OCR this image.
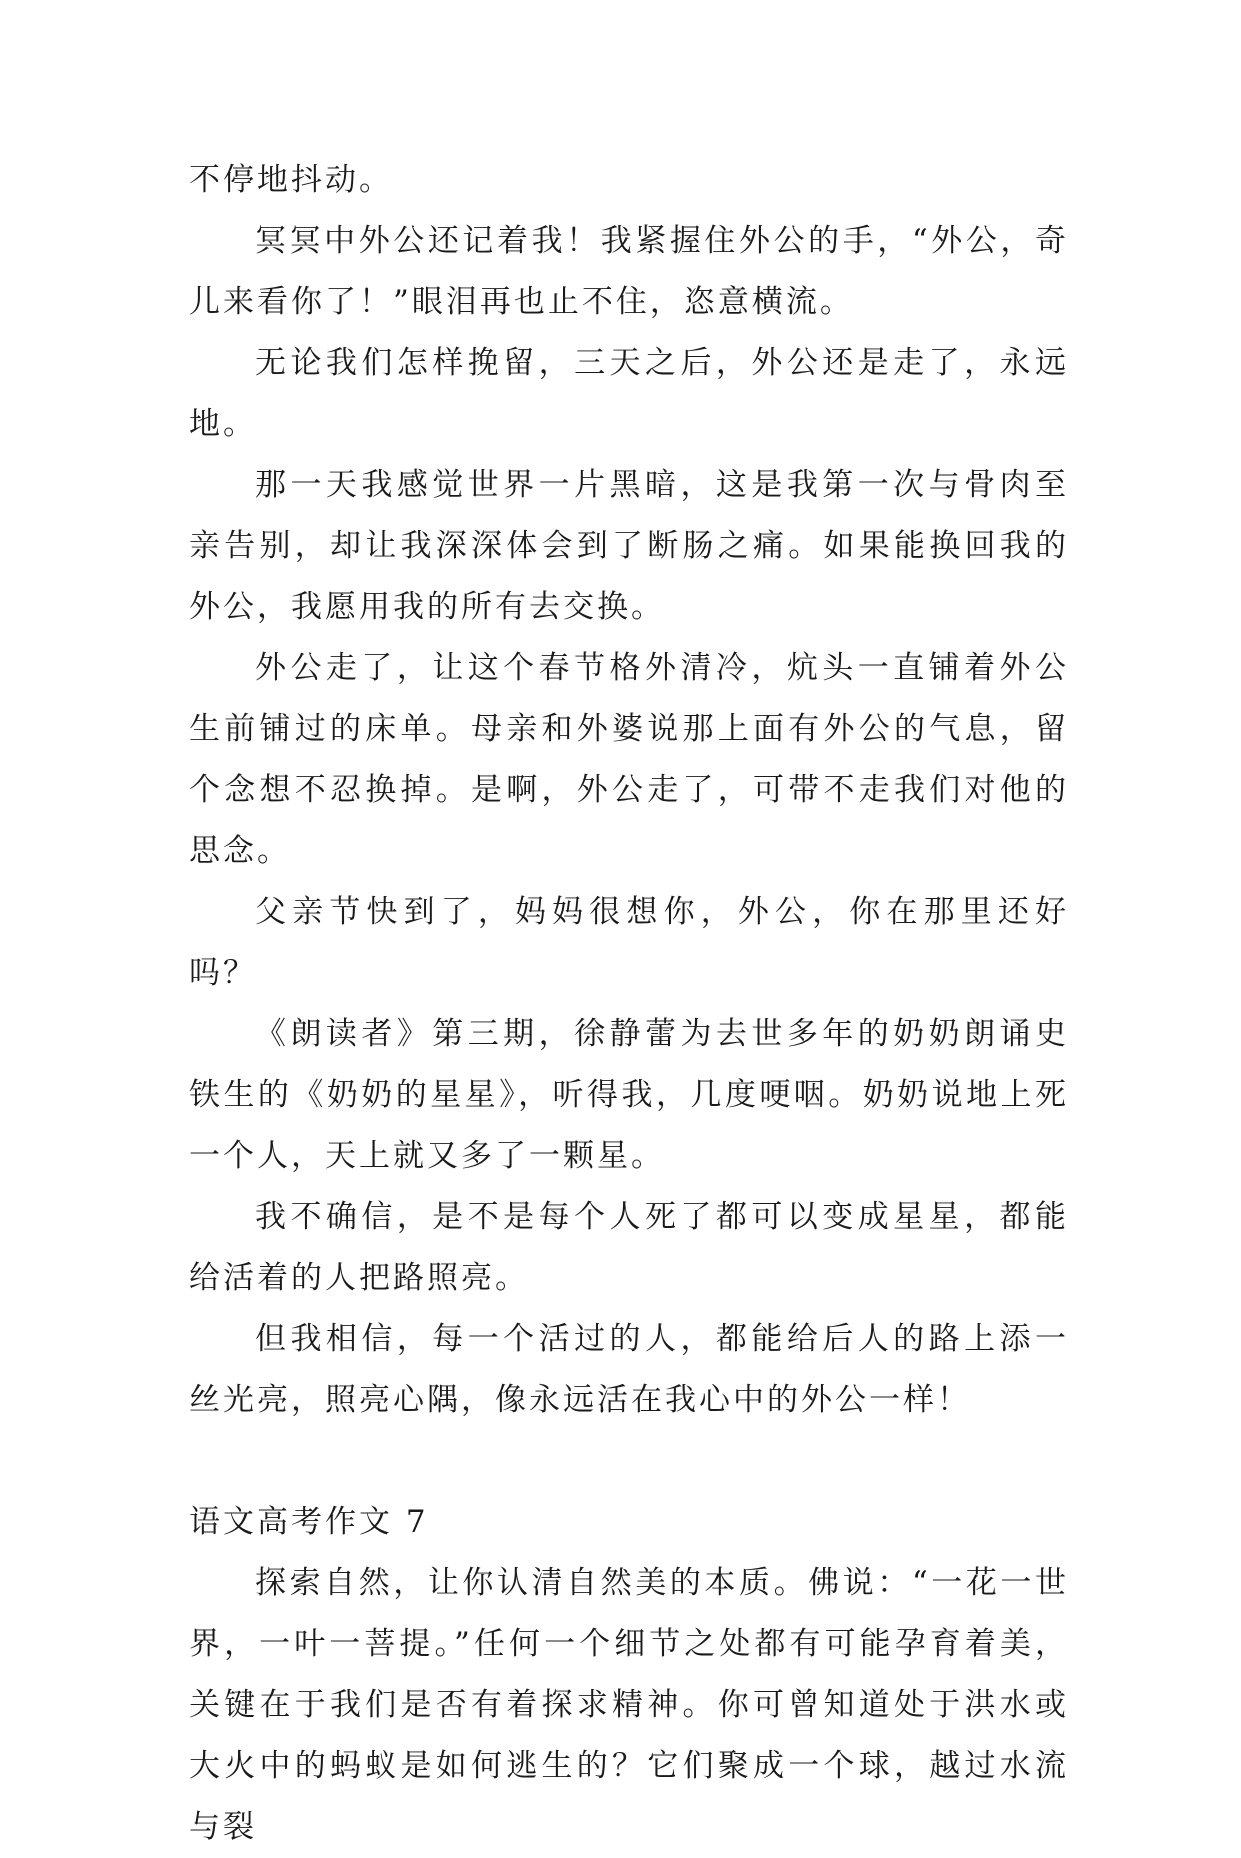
不停地抖动。

冥冥中外公还记着我！我紧握住外公的手，“外公，奇儿来看你了！”眼泪再也止不住，恣意横流。

无论我们怎样挽留，三天之后，外公还是走了，永远地。

那一天我感觉世界一片黑暗，这是我第一次与骨肉至亲告别，却让我深深体会到了断肠之痛。如果能换回我的外公，我愿用我的所有去交换。

外公走了，让这个春节格外清冷，炕头一直铺着外公生前铺过的床单。母亲和外婆说那上面有外公的气息，留个念想不忍换掉。是啊，外公走了，可带不走我们对他的思念。

父亲节快到了，妈妈很想你，外公，你在那里还好吗？

《朗读者》第三期，徐静蕾为去世多年的奶奶朗诵史铁生的《奶奶的星星》，听得我，几度哽咽。奶奶说地上死一个人，天上就又多了一颗星。

我不确信，是不是每个人死了都可以变成星星，都能给活着的人把路照亮。

但我相信，每一个活过的人，都能给后人的路上添一丝光亮，照亮心隅，像永远活在我心中的外公一样！

语文高考作文 7

探索自然，让你认清自然美的本质。佛说：“一花一世界，一叶一菩提。”任何一个细节之处都有可能孕育着美，关键在于我们是否有着探求精神。你可曾知道处于洪水或大火中的蚂蚁是如何逃生的？它们聚成一个球，越过水流与裂
